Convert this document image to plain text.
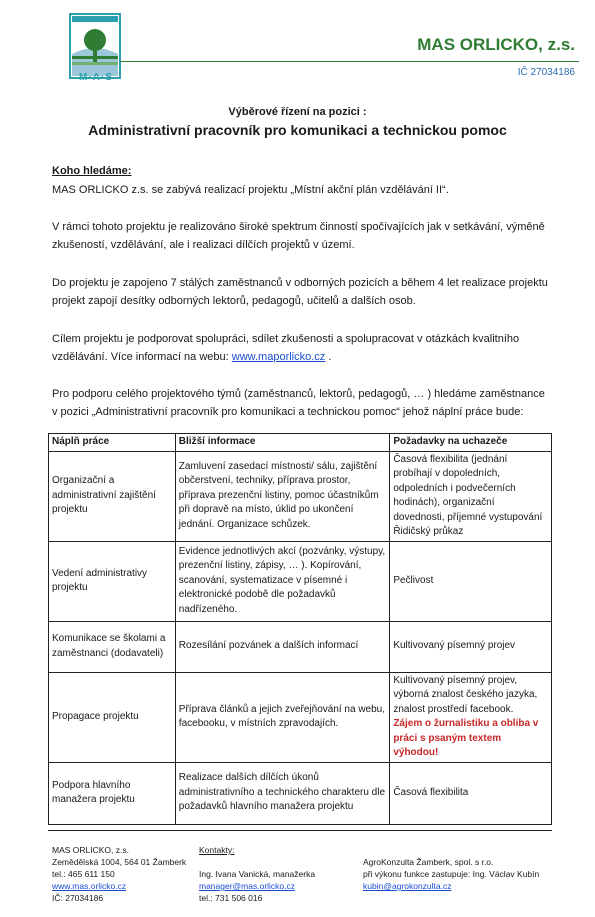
M·A·S
MAS ORLICKO, z.s.
IČ 27034186
Výběrové řízení na pozici :
Administrativní pracovník pro komunikaci a technickou pomoc
Koho hledáme:
MAS ORLICKO z.s. se zabývá realizací projektu „Místní akční plán vzdělávání II“.
V rámci tohoto projektu je realizováno široké spektrum činností spočívajících jak v setkávání, výměně zkušeností, vzdělávání, ale i realizaci dílčích projektů v území.
Do projektu je zapojeno 7 stálých zaměstnanců v odborných pozicích a během 4 let realizace projektu projekt zapojí desítky odborných lektorů, pedagogů, učitelů a dalších osob.
Cílem projektu je podporovat spolupráci, sdílet zkušenosti a spolupracovat v otázkách kvalitního vzdělávání. Více informací na webu: www.maporlicko.cz .
Pro podporu celého projektového týmů (zaměstnanců, lektorů, pedagogů, … ) hledáme zaměstnance v pozici „Administrativní pracovník pro komunikaci a technickou pomoc“ jehož náplní práce bude:
Náplň práce	Bližší informace	Požadavky na uchazeče
Organizační a administrativní zajištění projektu	Zamluvení zasedací místnosti/ sálu, zajištění občerstvení, techniky, příprava prostor, příprava prezenční listiny, pomoc účastníkům při dopravě na místo, úklid po ukončení jednání. Organizace schůzek.	Časová flexibilita (jednání probíhají v dopoledních, odpoledních i podvečerních hodinách), organizační dovednosti, příjemné vystupování Řidičský průkaz
Vedení administrativy projektu	Evidence jednotlivých akcí (pozvánky, výstupy, prezenční listiny, zápisy, … ). Kopírování, scanování, systematizace v písemné i elektronické podobě dle požadavků nadřízeného.	Pečlivost
Komunikace se školami a zaměstnanci (dodavateli)	Rozesílání pozvánek a dalších informací	Kultivovaný písemný projev
Propagace projektu	Příprava článků a jejich zveřejňování na webu, facebooku, v místních zpravodajích.	Kultivovaný písemný projev, výborná znalost českého jazyka, znalost prostředí facebook.
Zájem o žurnalistiku a obliba v práci s psaným textem výhodou!

Podpora hlavního manažera projektu	Realizace dalších dílčích úkonů administrativního a technického charakteru dle požadavků hlavního manažera projektu	Časová flexibilita
MAS ORLICKO, z.s.
Zemědělská 1004, 564 01 Žamberk
tel.: 465 611 150
www.mas.orlicko.cz
IČ: 27034186
Kontakty:

Ing. Ivana Vanická, manažerka
manager@mas.orlicko.cz
tel.: 731 506 016
AgroKonzulta Žamberk, spol. s r.o.
při výkonu funkce zastupuje: Ing. Václav Kubín
kubin@agrokonzulta.cz
